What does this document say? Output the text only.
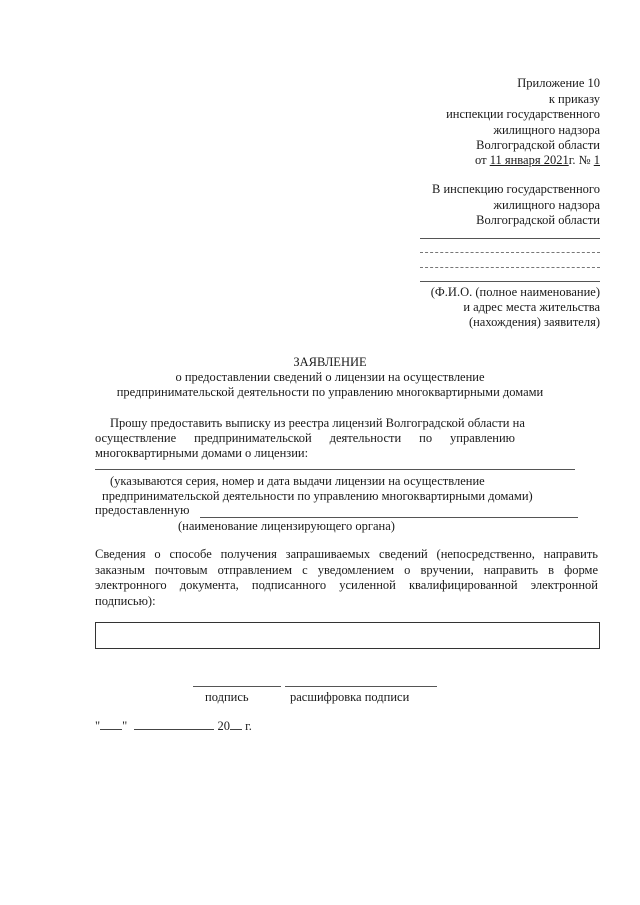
Приложение 10
к приказу
инспекции государственного
жилищного надзора
Волгоградской области
от 11 января 2021г. № 1
В инспекцию государственного
жилищного надзора
Волгоградской области
(Ф.И.О. (полное наименование)
и адрес места жительства
(нахождения) заявителя)
ЗАЯВЛЕНИЕ
о предоставлении сведений о лицензии на осуществление
предпринимательской деятельности по управлению многоквартирными домами
Прошу предоставить выписку из реестра лицензий Волгоградской области на
осуществление предпринимательской деятельности по управлению
многоквартирными домами о лицензии:
(указываются серия, номер и дата выдачи лицензии на осуществление
предпринимательской деятельности по управлению многоквартирными домами)
предоставленную
(наименование лицензирующего органа)
Сведения о способе получения запрашиваемых сведений (непосредственно, направить заказным почтовым отправлением с уведомлением о вручении, направить в форме электронного документа, подписанного усиленной квалифицированной электронной подписью):
подпись	расшифровка подписи
" "	20 г.
